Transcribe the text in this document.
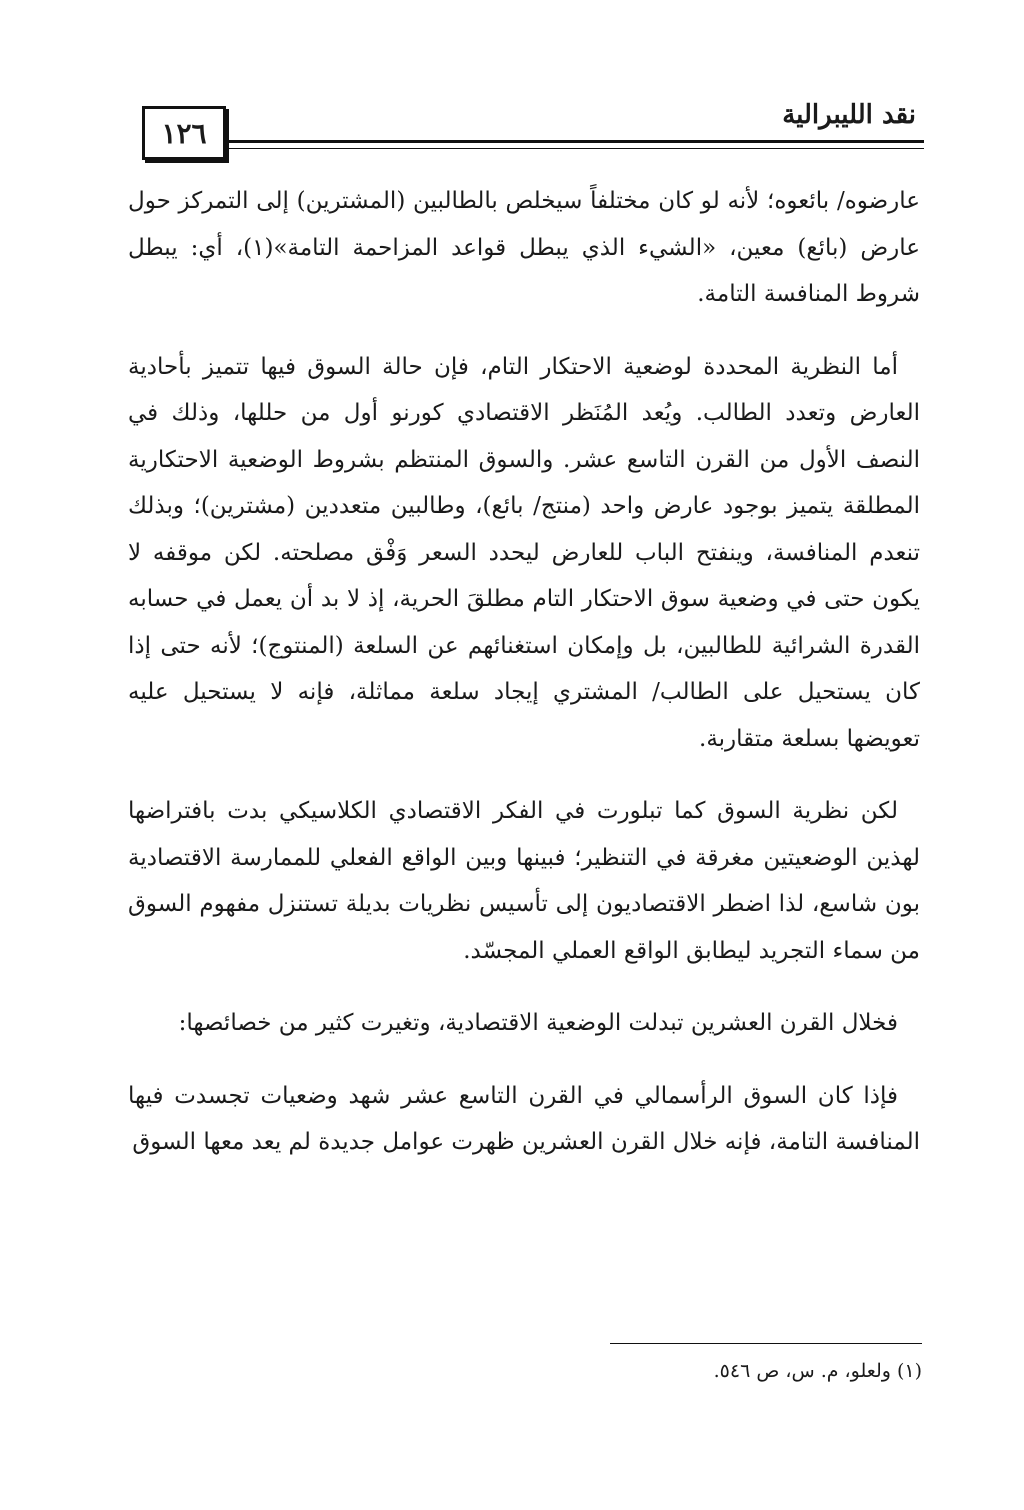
١٢٦
نقد الليبرالية

عارضوه/ بائعوه؛ لأنه لو كان مختلفاً سيخلص بالطالبين (المشترين) إلى التمركز حول عارض (بائع) معين، «الشيء الذي يبطل قواعد المزاحمة التامة»(١)، أي: يبطل شروط المنافسة التامة.

أما النظرية المحددة لوضعية الاحتكار التام، فإن حالة السوق فيها تتميز بأحادية العارض وتعدد الطالب. ويُعد المُنَظر الاقتصادي كورنو أول من حللها، وذلك في النصف الأول من القرن التاسع عشر. والسوق المنتظم بشروط الوضعية الاحتكارية المطلقة يتميز بوجود عارض واحد (منتج/ بائع)، وطالبين متعددين (مشترين)؛ وبذلك تنعدم المنافسة، وينفتح الباب للعارض ليحدد السعر وَفْق مصلحته. لكن موقفه لا يكون حتى في وضعية سوق الاحتكار التام مطلقَ الحرية، إذ لا بد أن يعمل في حسابه القدرة الشرائية للطالبين، بل وإمكان استغنائهم عن السلعة (المنتوج)؛ لأنه حتى إذا كان يستحيل على الطالب/ المشتري إيجاد سلعة مماثلة، فإنه لا يستحيل عليه تعويضها بسلعة متقاربة.

لكن نظرية السوق كما تبلورت في الفكر الاقتصادي الكلاسيكي بدت بافتراضها لهذين الوضعيتين مغرقة في التنظير؛ فبينها وبين الواقع الفعلي للممارسة الاقتصادية بون شاسع، لذا اضطر الاقتصاديون إلى تأسيس نظريات بديلة تستنزل مفهوم السوق من سماء التجريد ليطابق الواقع العملي المجسّد.

فخلال القرن العشرين تبدلت الوضعية الاقتصادية، وتغيرت كثير من خصائصها:

فإذا كان السوق الرأسمالي في القرن التاسع عشر شهد وضعيات تجسدت فيها المنافسة التامة، فإنه خلال القرن العشرين ظهرت عوامل جديدة لم يعد معها السوق

(١) ولعلو، م. س، ص ٥٤٦.
